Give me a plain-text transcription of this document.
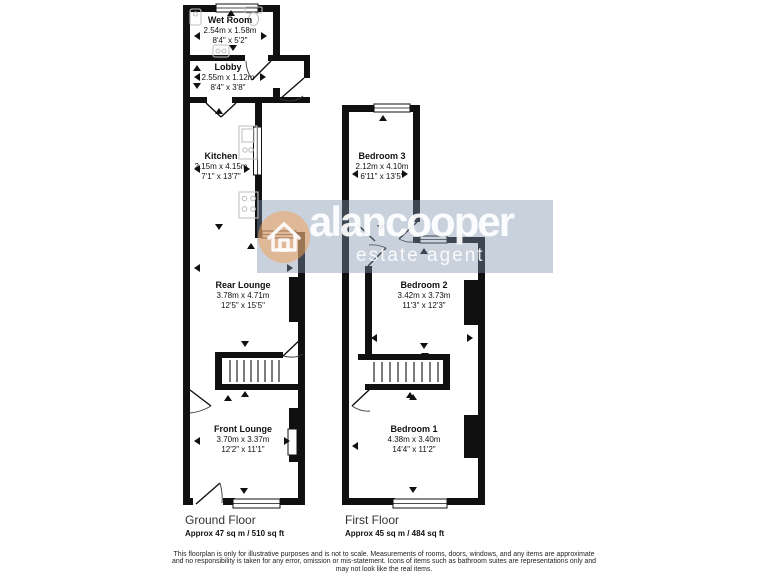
alancooper
estate agent
Wet Room
2.54m x 1.58m
8'4" x 5'2"
Lobby
2.55m x 1.12m
8'4" x 3'8"
Kitchen
2.15m x 4.15m
7'1" x 13'7"
Rear Lounge
3.78m x 4.71m
12'5" x 15'5"
Front Lounge
3.70m x 3.37m
12'2" x 11'1"
Bedroom 3
2.12m x 4.10m
6'11" x 13'5"
Bedroom 2
3.42m x 3.73m
11'3" x 12'3"
Bedroom 1
4.38m x 3.40m
14'4" x 11'2"
Ground Floor
Approx 47 sq m / 510 sq ft
First Floor
Approx 45 sq m / 484 sq ft
This floorplan is only for illustrative purposes and is not to scale. Measurements of rooms, doors, windows, and any items are approximate
and no responsibility is taken for any error, omission or mis-statement. Icons of items such as bathroom suites are representations only and
may not look like the real items.
